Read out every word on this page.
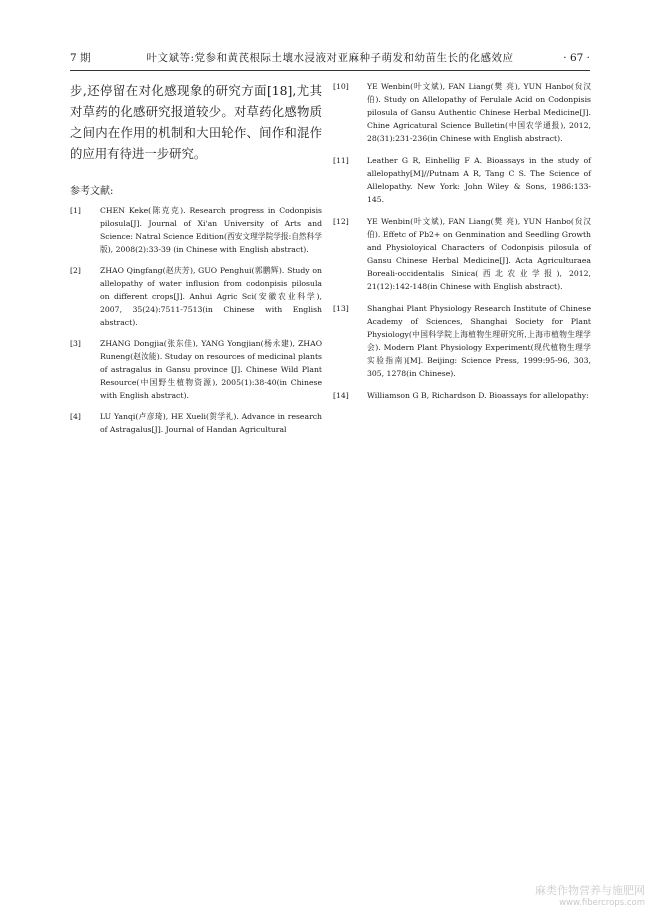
叶文斌等:党参和黄芪根际土壤水浸液对亚麻种子萌发和幼苗生长的化感效应
7 期	· 67 ·

步,还停留在对化感现象的研究方面[18],尤其对草药的化感研究报道较少。对草药化感物质之间内在作用的机制和大田轮作、间作和混作的应用有待进一步研究。

参考文献:
[1] CHEN Keke(陈克克). Research progress in Codonpisis pilosula[J]. Journal of Xi'an University of Arts and Science: Natral Science Edition(西安文理学院学报:自然科学版), 2008(2):33-39 (in Chinese with English abstract).
[2] ZHAO Qingfang(赵庆芳), GUO Penghui(郭鹏辉). Study on allelopathy of water influsion from codonpisis pilosula on different crops[J]. Anhui Agric Sci(安徽农业科学), 2007, 35(24):7511-7513(in Chinese with English abstract).
[3] ZHANG Dongjia(张东佳), YANG Yongjian(杨永建), ZHAO Runeng(赵汝能). Studay on resources of medicinal plants of astragalus in Gansu province [J]. Chinese Wild Plant Resource(中国野生植物资源), 2005(1):38-40(in Chinese with English abstract).
[4] LU Yanqi(卢彦琦), HE Xueli(贺学礼). Advance in research of Astragalus[J]. Journal of Handan Agricultural
[10] YE Wenbin(叶文斌), FAN Liang(樊 亮), YUN Hanbo(贠汉伯). Study on Allelopathy of Ferulale Acid on Codonpisis pilosula of Gansu Authentic Chinese Herbal Medicine[J]. Chine Agricatural Science Bulletin(中国农学通报), 2012, 28(31):231-236(in Chinese with English abstract).
[11] Leather G R, Einhellig F A. Bioassays in the study of allelopathy[M]//Putnam A R, Tang C S. The Science of Allelopathy. New York: John Wiley & Sons, 1986:133-145.
[12] YE Wenbin(叶文斌), FAN Liang(樊 亮), YUN Hanbo(贠汉伯). Effetc of Pb2+ on Genmination and Seedling Growth and Physioloyical Characters of Codonpisis pilosula of Gansu Chinese Herbal Medicine[J]. Acta Agriculturaea Boreali-occidentalis Sinica(西北农业学报), 2012, 21(12):142-148(in Chinese with English abstract).
[13] Shanghai Plant Physiology Research Institute of Chinese Academy of Sciences, Shanghai Society for Plant Physiology(中国科学院上海植物生理研究所,上海市植物生理学会). Modern Plant Physiology Experiment(现代植物生理学实验指南)[M]. Beijing: Science Press, 1999:95-96, 303, 305, 1278(in Chinese).
[14] Williamson G B, Richardson D. Bioassays for allelopathy:
麻类作物营养与施肥网
www.fibercrops.com
